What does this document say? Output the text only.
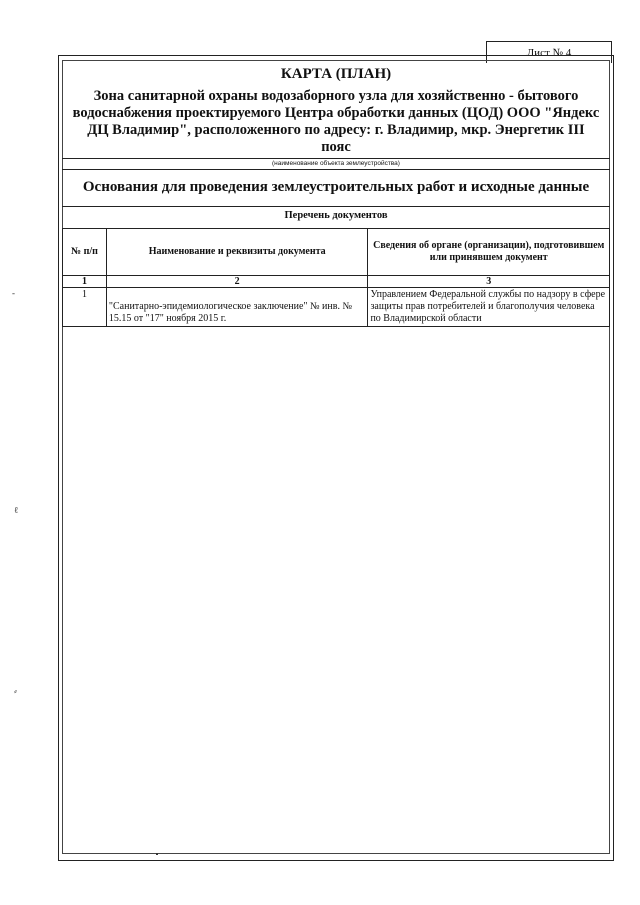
Лист № 4
КАРТА (ПЛАН)
Зона санитарной охраны водозаборного узла для хозяйственно - бытового водоснабжения проектируемого Центра обработки данных (ЦОД) ООО "Яндекс ДЦ Владимир", расположенного по адресу: г. Владимир, мкр. Энергетик III пояс
(наименование объекта землеустройства)
Основания для проведения землеустроительных работ и исходные данные
Перечень документов
№ п/п	Наименование и реквизиты документа	Сведения об органе (организации), подготовившем или принявшем документ
1	2	3
1	"Санитарно-эпидемиологическое заключение" № инв. № 15.15 от "17" ноября 2015 г.	Управлением Федеральной службы по надзору в сфере защиты прав потребителей и благополучия человека по Владимирской области
-
ℓ
⸗
